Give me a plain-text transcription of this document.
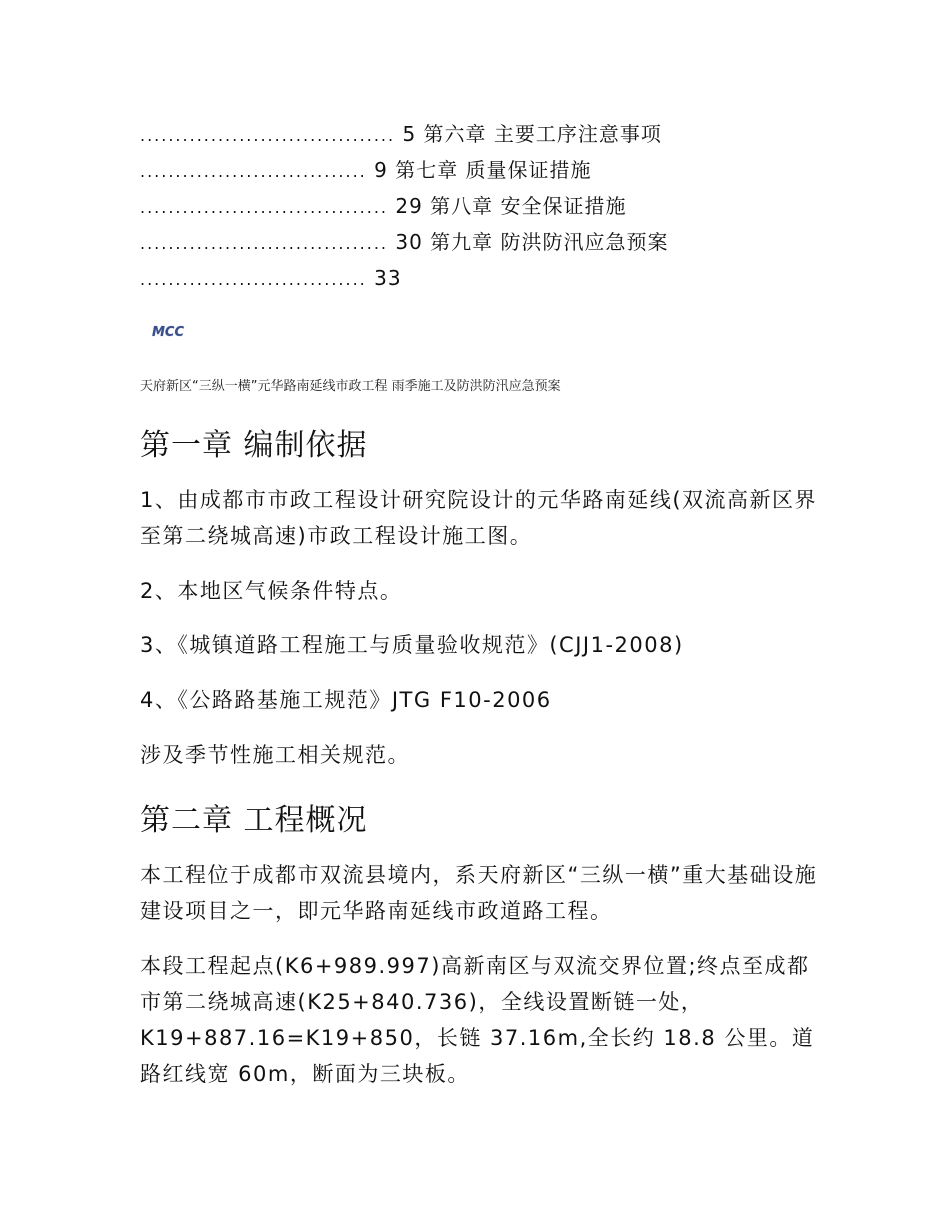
.................................... 5 第六章 主要工序注意事项
................................ 9 第七章 质量保证措施
................................... 29 第八章 安全保证措施
................................... 30 第九章 防洪防汛应急预案
................................ 33
MCC
天府新区“三纵一横”元华路南延线市政工程 雨季施工及防洪防汛应急预案
第一章 编制依据

1、由成都市市政工程设计研究院设计的元华路南延线(双流高新区界至第二绕城高速)市政工程设计施工图。

2、本地区气候条件特点。

3、《城镇道路工程施工与质量验收规范》(CJJ1-2008)

4、《公路路基施工规范》JTG F10-2006

涉及季节性施工相关规范。

第二章 工程概况

本工程位于成都市双流县境内，系天府新区“三纵一横”重大基础设施建设项目之一，即元华路南延线市政道路工程。

本段工程起点(K6+989.997)高新南区与双流交界位置;终点至成都市第二绕城高速(K25+840.736)，全线设置断链一处，K19+887.16=K19+850，长链 37.16m,全长约 18.8 公里。道路红线宽 60m，断面为三块板。
